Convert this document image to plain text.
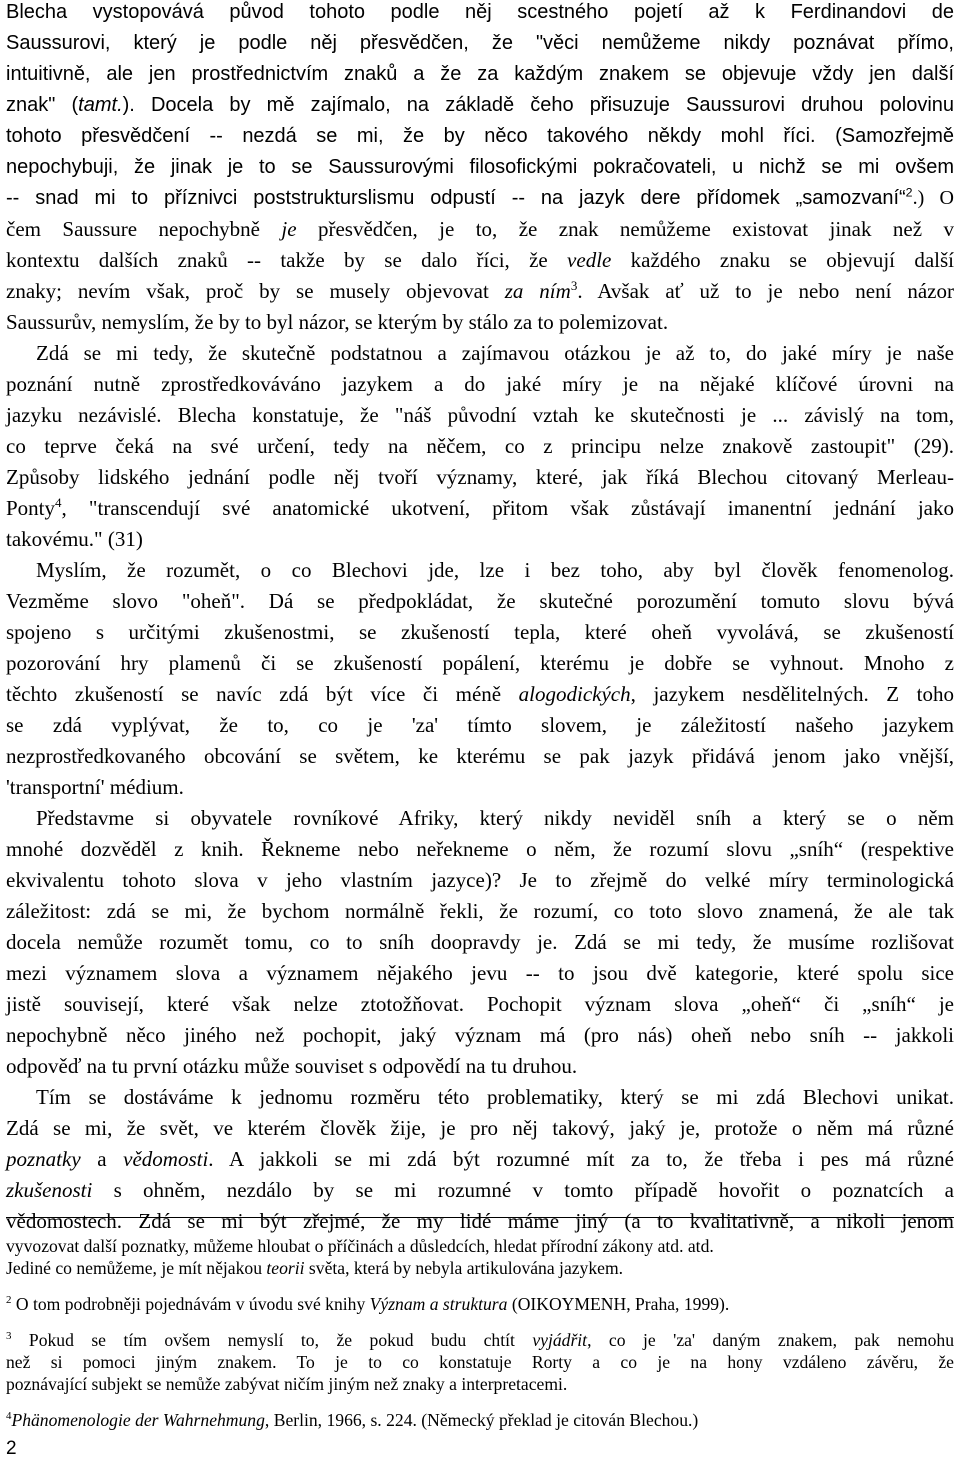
Blecha vystopovává původ tohoto podle něj scestného pojetí až k Ferdinandovi de
Saussurovi, který je podle něj přesvědčen, že "věci nemůžeme nikdy poznávat přímo,
intuitivně, ale jen prostřednictvím znaků a že za každým znakem se objevuje vždy jen další
znak" (tamt.). Docela by mě zajímalo, na základě čeho přisuzuje Saussurovi druhou polovinu
tohoto přesvědčení -- nezdá se mi, že by něco takového někdy mohl říci. (Samozřejmě
nepochybuji, že jinak je to se Saussurovými filosofickými pokračovateli, u nichž se mi ovšem
-- snad mi to příznivci poststrukturslismu odpustí -- na jazyk dere přídomek „samozvaní“$^2$.) O
čem Saussure nepochybně je přesvědčen, je to, že znak nemůžeme existovat jinak než v
kontextu dalších znaků -- takže by se dalo říci, že vedle každého znaku se objevují další
znaky; nevím však, proč by se musely objevovat za ním$^3$. Avšak ať už to je nebo není názor
Saussurův, nemyslím, že by to byl názor, se kterým by stálo za to polemizovat.
Zdá se mi tedy, že skutečně podstatnou a zajímavou otázkou je až to, do jaké míry je naše
poznání nutně zprostředkováváno jazykem a do jaké míry je na nějaké klíčové úrovni na
jazyku nezávislé. Blecha konstatuje, že "náš původní vztah ke skutečnosti je ... závislý na tom,
co teprve čeká na své určení, tedy na něčem, co z principu nelze znakově zastoupit" (29).
Způsoby lidského jednání podle něj tvoří významy, které, jak říká Blechou citovaný Merleau-
Ponty$^4$, "transcendují své anatomické ukotvení, přitom však zůstávají imanentní jednání jako
takovému." (31)
Myslím, že rozumět, o co Blechovi jde, lze i bez toho, aby byl člověk fenomenolog.
Vezměme slovo "oheň". Dá se předpokládat, že skutečné porozumění tomuto slovu bývá
spojeno s určitými zkušenostmi, se zkušeností tepla, které oheň vyvolává, se zkušeností
pozorování hry plamenů či se zkušeností popálení, kterému je dobře se vyhnout. Mnoho z
těchto zkušeností se navíc zdá být více či méně alogodických, jazykem nesdělitelných. Z toho
se zdá vyplývat, že to, co je 'za' tímto slovem, je záležitostí našeho jazykem
nezprostředkovaného obcování se světem, ke kterému se pak jazyk přidává jenom jako vnější,
'transportní' médium.
Představme si obyvatele rovníkové Afriky, který nikdy neviděl sníh a který se o něm
mnohé dozvěděl z knih. Řekneme nebo neřekneme o něm, že rozumí slovu „sníh“ (respektive
ekvivalentu tohoto slova v jeho vlastním jazyce)? Je to zřejmě do velké míry terminologická
záležitost: zdá se mi, že bychom normálně řekli, že rozumí, co toto slovo znamená, že ale tak
docela nemůže rozumět tomu, co to sníh doopravdy je. Zdá se mi tedy, že musíme rozlišovat
mezi významem slova a významem nějakého jevu -- to jsou dvě kategorie, které spolu sice
jistě souvisejí, které však nelze ztotožňovat. Pochopit význam slova „oheň“ či „sníh“ je
nepochybně něco jiného než pochopit, jaký význam má (pro nás) oheň nebo sníh -- jakkoli
odpověď na tu první otázku může souviset s odpovědí na tu druhou.
Tím se dostáváme k jednomu rozměru této problematiky, který se mi zdá Blechovi unikat.
Zdá se mi, že svět, ve kterém člověk žije, je pro něj takový, jaký je, protože o něm má různé
poznatky a vědomosti. A jakkoli se mi zdá být rozumné mít za to, že třeba i pes má různé
zkušenosti s ohněm, nezdálo by se mi rozumné v tomto případě hovořit o poznatcích a
vědomostech. Zdá se mi být zřejmé, že my lidé máme jiný (a to kvalitativně, a nikoli jenom
vyvozovat další poznatky, můžeme hloubat o příčinách a důsledcích, hledat přírodní zákony atd. atd.
Jediné co nemůžeme, je mít nějakou teorii světa, která by nebyla artikulována jazykem.
$^2$ O tom podrobněji pojednávám v úvodu své knihy Význam a struktura (OIKOYMENH, Praha, 1999).
$^3$ Pokud se tím ovšem nemyslí to, že pokud budu chtít vyjádřit, co je 'za' daným znakem, pak nemohu
než si pomoci jiným znakem. To je to co konstatuje Rorty a co je na hony vzdáleno závěru, že
poznávající subjekt se nemůže zabývat ničím jiným než znaky a interpretacemi.
$^4$Phänomenologie der Wahrnehmung, Berlin, 1966, s. 224. (Německý překlad je citován Blechou.)
2
